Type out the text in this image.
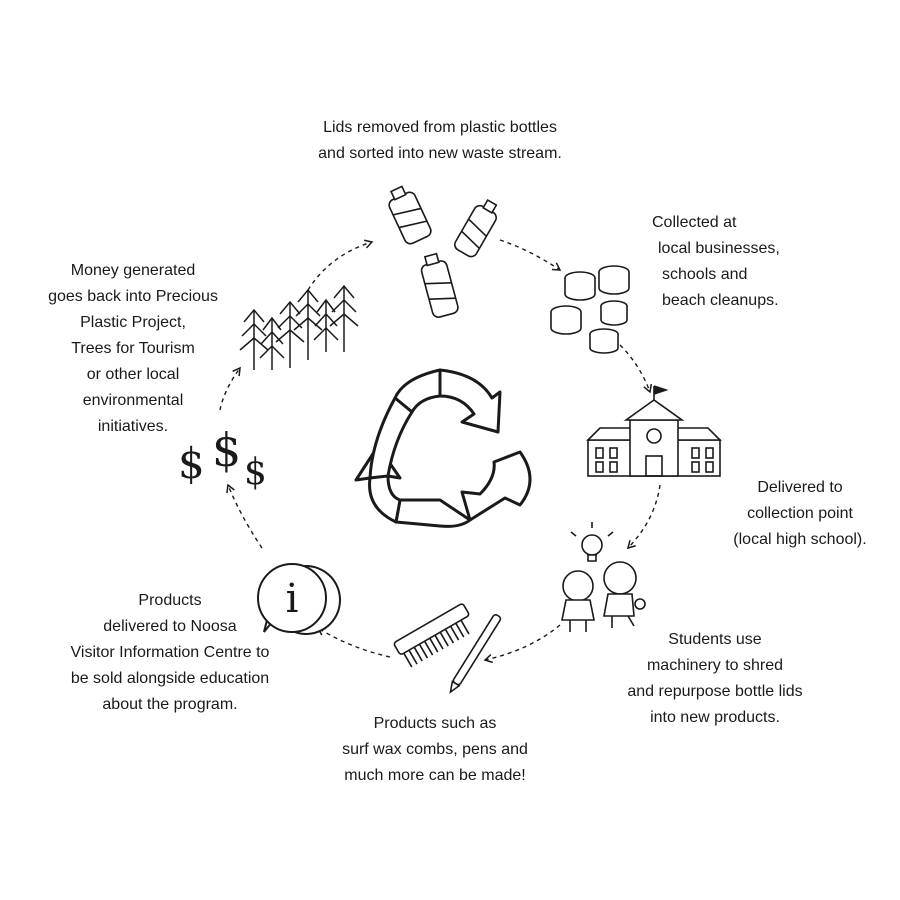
i
$ $ $
Lids removed from plastic bottles
and sorted into new waste stream.
Collected at
local businesses,
schools and
beach cleanups.
Delivered to
collection point
(local high school).
Students use
machinery to shred
and repurpose bottle lids
into new products.
Products such as
surf wax combs, pens and
much more can be made!
Products
delivered to Noosa
Visitor Information Centre to
be sold alongside education
about the program.
Money generated
goes back into Precious
Plastic Project,
Trees for Tourism
or other local
environmental
initiatives.
